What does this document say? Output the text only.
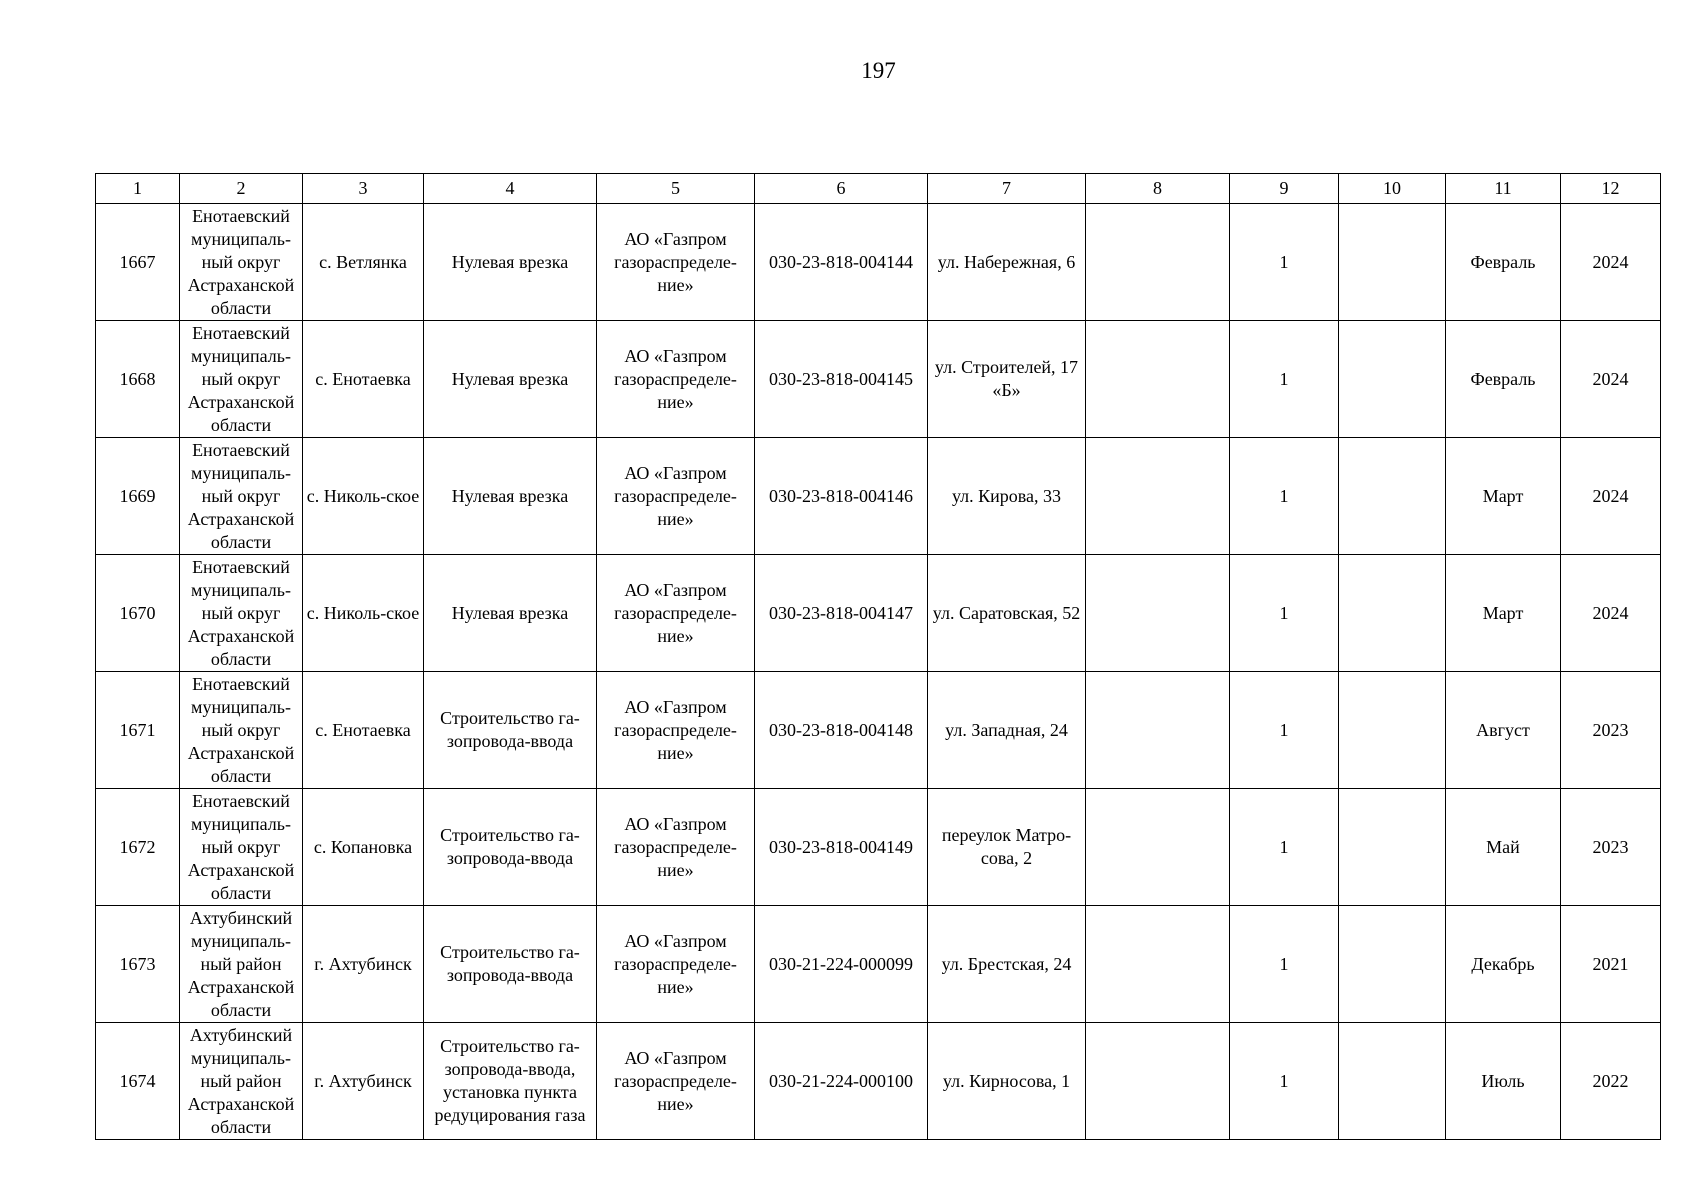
197
1	2	3	4	5	6	7	8	9	10	11	12
1667	Енотаевский муниципаль-ный округ Астраханской области	с. Ветлянка	Нулевая врезка	АО «Газпром газораспределе-ние»	030-23-818-004144	ул. Набережная, 6		1		Февраль	2024
1668	Енотаевский муниципаль-ный округ Астраханской области	с. Енотаевка	Нулевая врезка	АО «Газпром газораспределе-ние»	030-23-818-004145	ул. Строителей, 17 «Б»		1		Февраль	2024
1669	Енотаевский муниципаль-ный округ Астраханской области	с. Николь-ское	Нулевая врезка	АО «Газпром газораспределе-ние»	030-23-818-004146	ул. Кирова, 33		1		Март	2024
1670	Енотаевский муниципаль-ный округ Астраханской области	с. Николь-ское	Нулевая врезка	АО «Газпром газораспределе-ние»	030-23-818-004147	ул. Саратовская, 52		1		Март	2024
1671	Енотаевский муниципаль-ный округ Астраханской области	с. Енотаевка	Строительство га-зопровода-ввода	АО «Газпром газораспределе-ние»	030-23-818-004148	ул. Западная, 24		1		Август	2023
1672	Енотаевский муниципаль-ный округ Астраханской области	с. Копановка	Строительство га-зопровода-ввода	АО «Газпром газораспределе-ние»	030-23-818-004149	переулок Матро-сова, 2		1		Май	2023
1673	Ахтубинский муниципаль-ный район Астраханской области	г. Ахтубинск	Строительство га-зопровода-ввода	АО «Газпром газораспределе-ние»	030-21-224-000099	ул. Брестская, 24		1		Декабрь	2021
1674	Ахтубинский муниципаль-ный район Астраханской области	г. Ахтубинск	Строительство га-зопровода-ввода, установка пункта редуцирования газа	АО «Газпром газораспределе-ние»	030-21-224-000100	ул. Кирносова, 1		1		Июль	2022
